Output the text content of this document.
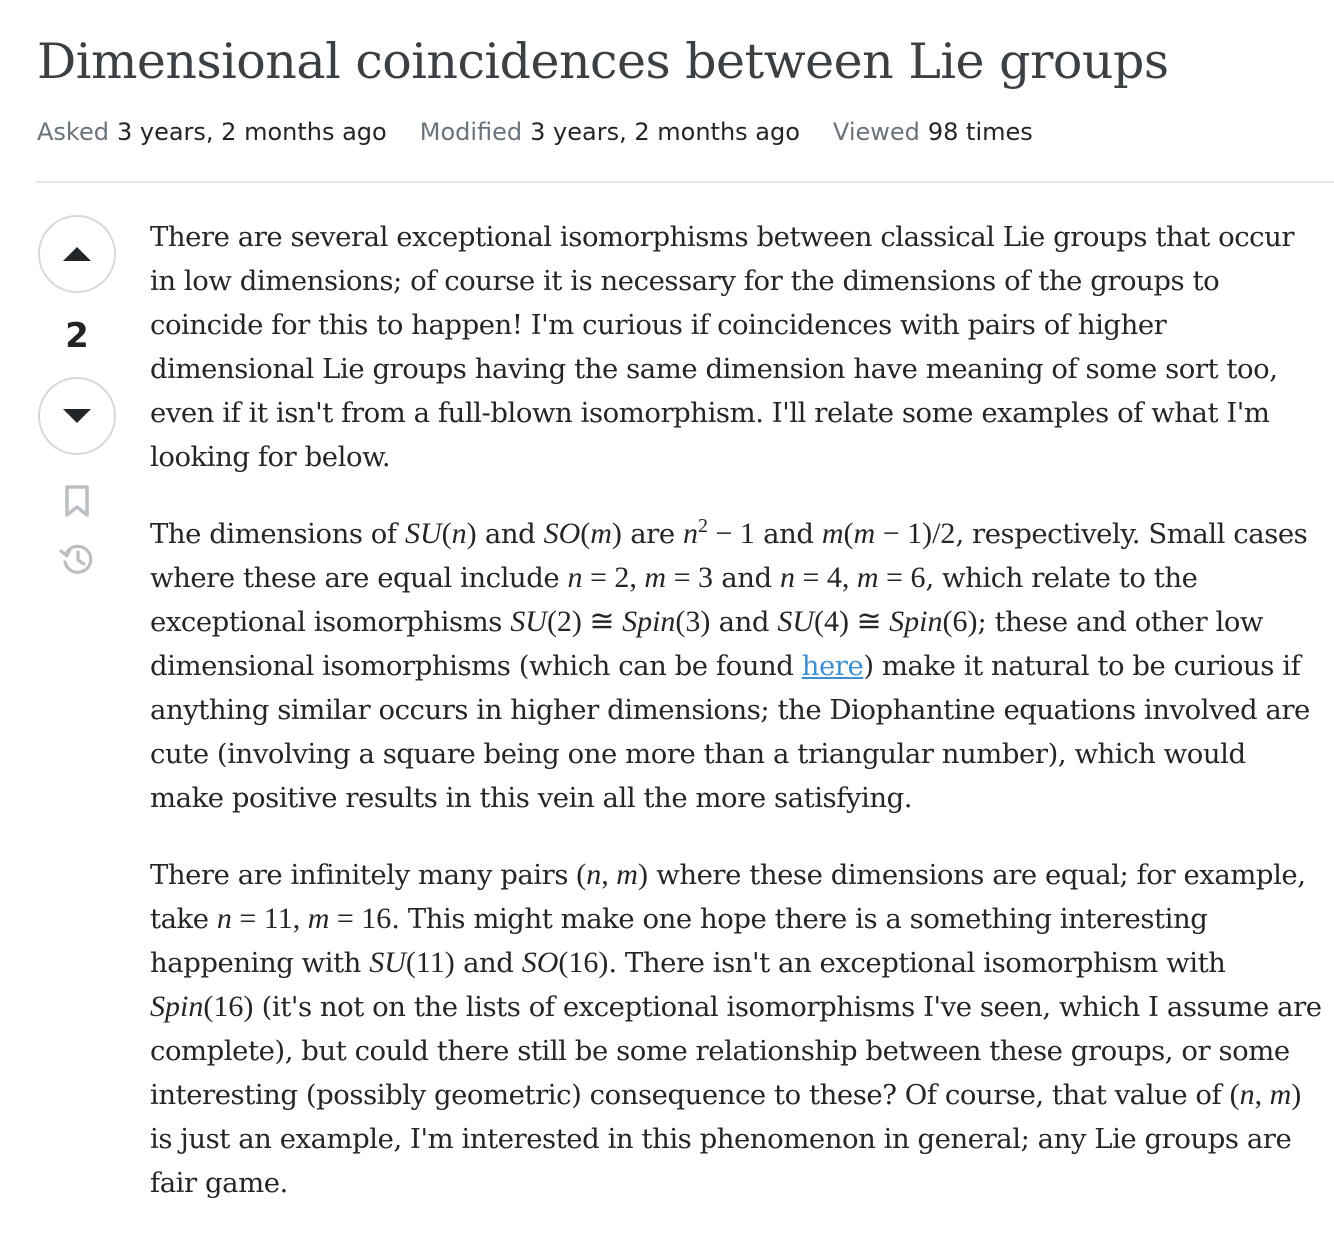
Dimensional coincidences between Lie groups
Asked 3 years, 2 months ago Modified 3 years, 2 months ago Viewed 98 times
2

There are several exceptional isomorphisms between classical Lie groups that occur in low dimensions; of course it is necessary for the dimensions of the groups to coincide for this to happen! I'm curious if coincidences with pairs of higher dimensional Lie groups having the same dimension have meaning of some sort too, even if it isn't from a full-blown isomorphism. I'll relate some examples of what I'm looking for below.

The dimensions of SU(n) and SO(m) are $n^2 - 1$ and m(m − 1)/2, respectively. Small cases where these are equal include n = 2, m = 3 and n = 4, m = 6, which relate to the exceptional isomorphisms SU(2) ≅ Spin(3) and SU(4) ≅ Spin(6); these and other low dimensional isomorphisms (which can be found here) make it natural to be curious if anything similar occurs in higher dimensions; the Diophantine equations involved are cute (involving a square being one more than a triangular number), which would make positive results in this vein all the more satisfying.

There are infinitely many pairs (n, m) where these dimensions are equal; for example, take n = 11, m = 16. This might make one hope there is a something interesting happening with SU(11) and SO(16). There isn't an exceptional isomorphism with Spin(16) (it's not on the lists of exceptional isomorphisms I've seen, which I assume are complete), but could there still be some relationship between these groups, or some interesting (possibly geometric) consequence to these? Of course, that value of (n, m) is just an example, I'm interested in this phenomenon in general; any Lie groups are fair game.
